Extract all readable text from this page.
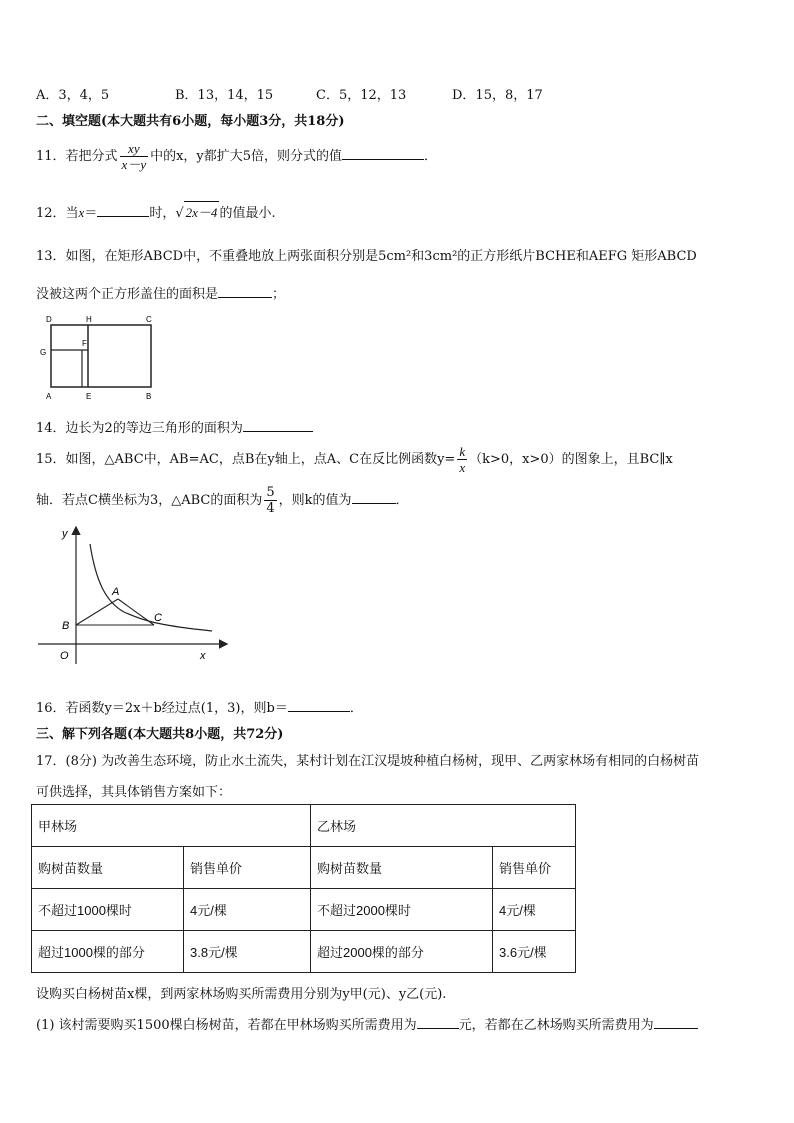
A．3，4，5	B．13，14，15	C．5，12，13	D．15，8，17
二、填空题(本大题共有6小题，每小题3分，共18分)
11．若把分式 $\frac{xy}{x-y}$ 中的x，y都扩大5倍，则分式的值	．
12．当x＝	时，√ 2x－4 的值最小.
13．如图，在矩形ABCD中，不重叠地放上两张面积分别是5cm²和3cm²的正方形纸片BCHE和AEFG 矩形ABCD
没被这两个正方形盖住的面积是	；
D	H	C
G
F
A	E	B
14．边长为2的等边三角形的面积为
15．如图，△ABC中，AB=AC，点B在y轴上，点A、C在反比例函数$y= \frac{k}{x} (k>0$，x>0）的图象上，且BC∥x
轴．若点C横坐标为3，△ABC的面积为 $\frac{5}{4}$ ，则k的值为	．
y
x
O
A
B
C
16．若函数y＝2x＋b经过点(1，3)，则b＝	．
三、解下列各题(本大题共8小题，共72分)
17．(8分) 为改善生态环境，防止水土流失，某村计划在江汉堤坡种植白杨树，现甲、乙两家林场有相同的白杨树苗
可供选择，其具体销售方案如下：
甲林场		乙林场	
购树苗数量	销售单价	购树苗数量	销售单价
不超过1000棵时	4元/棵	不超过2000棵时	4元/棵
超过1000棵的部分	3.8元/棵	超过2000棵的部分	3.6元/棵
设购买白杨树苗x棵，到两家林场购买所需费用分别为y甲(元)、y乙(元).
(1) 该村需要购买1500棵白杨树苗，若都在甲林场购买所需费用为	元，若都在乙林场购买所需费用为
